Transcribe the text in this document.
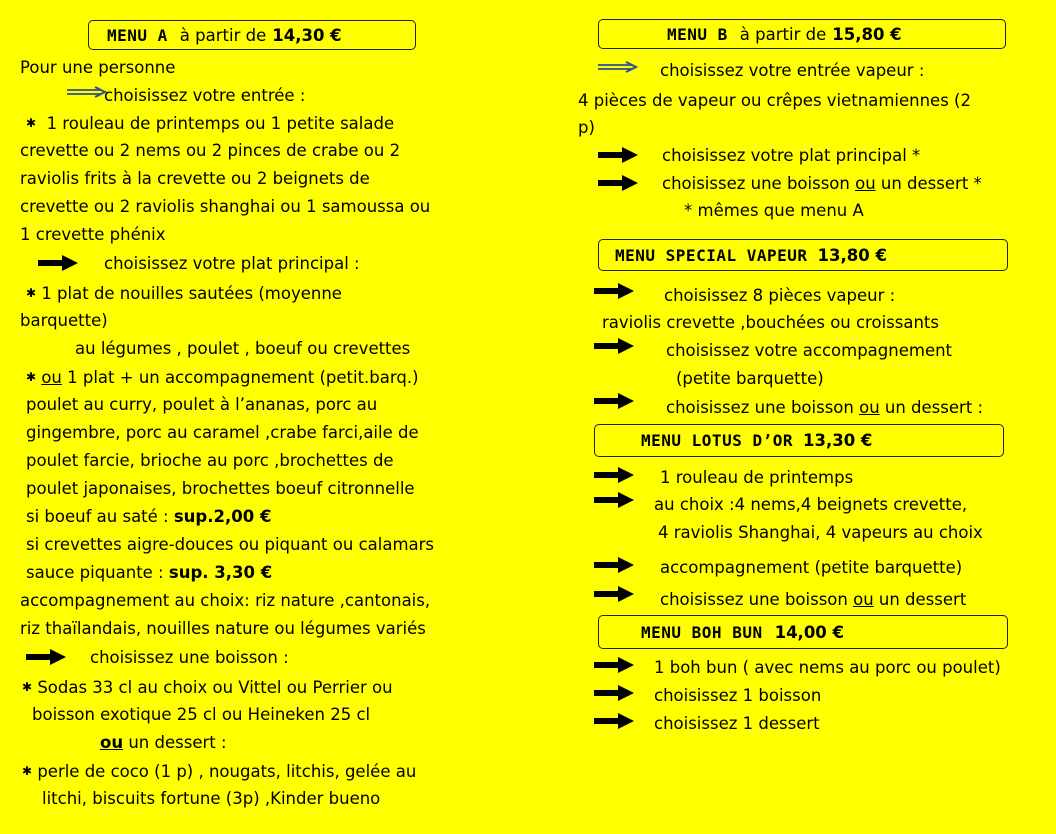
MENU A à partir de 14,30 €
Pour une personne
choisissez votre entrée :
✱ 1 rouleau de printemps ou 1 petite salade
crevette ou 2 nems ou 2 pinces de crabe ou 2
raviolis frits à la crevette ou 2 beignets de
crevette ou 2 raviolis shanghai ou 1 samoussa ou
1 crevette phénix
choisissez votre plat principal :
✱ 1 plat de nouilles sautées (moyenne
barquette)
au légumes , poulet , boeuf ou crevettes
✱ ou 1 plat + un accompagnement (petit.barq.)
poulet au curry, poulet à l’ananas, porc au
gingembre, porc au caramel ,crabe farci,aile de
poulet farcie, brioche au porc ,brochettes de
poulet japonaises, brochettes boeuf citronnelle
si boeuf au saté : sup.2,00 €
si crevettes aigre-douces ou piquant ou calamars
sauce piquante : sup. 3,30 €
accompagnement au choix: riz nature ,cantonais,
riz thaïlandais, nouilles nature ou légumes variés
choisissez une boisson :
✱ Sodas 33 cl au choix ou Vittel ou Perrier ou
boisson exotique 25 cl ou Heineken 25 cl
ou un dessert :
✱ perle de coco (1 p) , nougats, litchis, gelée au
litchi, biscuits fortune (3p) ,Kinder bueno
MENU B à partir de 15,80 €
choisissez votre entrée vapeur :
4 pièces de vapeur ou crêpes vietnamiennes (2
p)
choisissez votre plat principal *
choisissez une boisson ou un dessert *
* mêmes que menu A
MENU SPECIAL VAPEUR 13,80 €
choisissez 8 pièces vapeur :
raviolis crevette ,bouchées ou croissants
choisissez votre accompagnement
(petite barquette)
choisissez une boisson ou un dessert :
MENU LOTUS D’OR 13,30 €
1 rouleau de printemps
au choix :4 nems,4 beignets crevette,
4 raviolis Shanghai, 4 vapeurs au choix
accompagnement (petite barquette)
choisissez une boisson ou un dessert
MENU BOH BUN 14,00 €
1 boh bun ( avec nems au porc ou poulet)
choisissez 1 boisson
choisissez 1 dessert
